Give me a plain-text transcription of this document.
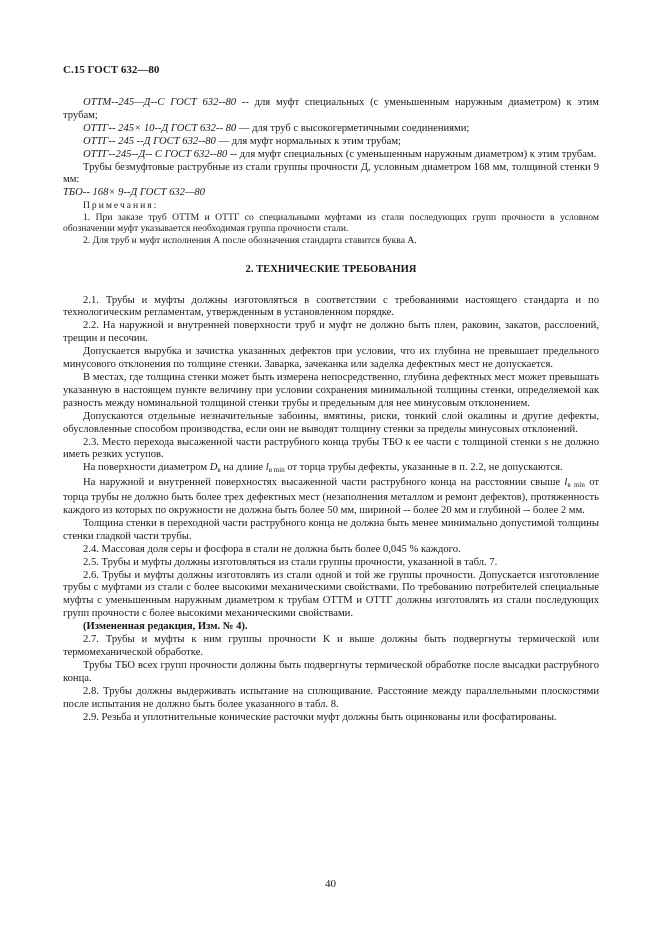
С.15 ГОСТ 632—80

ОТТМ--245—Д--С ГОСТ 632--80 -- для муфт специальных (с уменьшенным наружным диаметром) к этим трубам;

ОТТГ-- 245× 10--Д ГОСТ 632-- 80 — для труб с высокогерметичными соединениями;

ОТТГ-- 245 --Д ГОСТ 632--80 — для муфт нормальных к этим трубам;

ОТТГ--245--Д-- С ГОСТ 632--80 -- для муфт специальных (с уменьшенным наружным диаметром) к этим трубам.

Трубы безмуфтовые раструбные из стали группы прочности Д, условным диаметром 168 мм, толщиной стенки 9 мм:

ТБО-- 168× 9--Д ГОСТ 632—80

Примечания:

1. При заказе труб ОТТМ и ОТТГ со специальными муфтами из стали последующих групп прочности в условном обозначении муфт указывается необходимая группа прочности стали.

2. Для труб и муфт исполнения А после обозначения стандарта ставится буква А.

2. ТЕХНИЧЕСКИЕ ТРЕБОВАНИЯ

2.1. Трубы и муфты должны изготовляться в соответствии с требованиями настоящего стандарта и по технологическим регламентам, утвержденным в установленном порядке.

2.2. На наружной и внутренней поверхности труб и муфт не должно быть плен, раковин, закатов, расслоений, трещин и песочин.

Допускается вырубка и зачистка указанных дефектов при условии, что их глубина не превышает предельного минусового отклонения по толщине стенки. Заварка, зачеканка или заделка дефектных мест не допускается.

В местах, где толщина стенки может быть измерена непосредственно, глубина дефектных мест может превышать указанную в настоящем пункте величину при условии сохранения минимальной толщины стенки, определяемой как разность между номинальной толщиной стенки трубы и предельным для нее минусовым отклонением.

Допускаются отдельные незначительные забоины, вмятины, риски, тонкий слой окалины и другие дефекты, обусловленные способом производства, если они не выводят толщину стенки за пределы минусовых отклонений.

2.3. Место перехода высаженной части раструбного конца трубы ТБО к ее части с толщиной стенки s не должно иметь резких уступов.

На поверхности диаметром $D_в$ на длине $l_{в min}$ от торца трубы дефекты, указанные в п. 2.2, не допускаются.

На наружной и внутренней поверхностях высаженной части раструбного конца на расстоянии свыше $l_{в min}$ от торца трубы не должно быть более трех дефектных мест (незаполнения металлом и ремонт дефектов), протяженность каждого из которых по окружности не должна быть более 50 мм, шириной -- более 20 мм и глубиной -- более 2 мм.

Толщина стенки в переходной части раструбного конца не должна быть менее минимально допустимой толщины стенки гладкой части трубы.

2.4. Массовая доля серы и фосфора в стали не должна быть более 0,045 % каждого.

2.5. Трубы и муфты должны изготовляться из стали группы прочности, указанной в табл. 7.

2.6. Трубы и муфты должны изготовлять из стали одной и той же группы прочности. Допускается изготовление трубы с муфтами из стали с более высокими механическими свойствами. По требованию потребителей специальные муфты с уменьшенным наружным диаметром к трубам ОТТМ и ОТТГ должны изготовлять из стали последующих групп прочности с более высокими механическими свойствами.

(Измененная редакция, Изм. № 4).

2.7. Трубы и муфты к ним группы прочности К и выше должны быть подвергнуты термической или термомеханической обработке.

Трубы ТБО всех групп прочности должны быть подвергнуты термической обработке после высадки раструбного конца.

2.8. Трубы должны выдерживать испытание на сплющивание. Расстояние между параллельными плоскостями после испытания не должно быть более указанного в табл. 8.

2.9. Резьба и уплотнительные конические расточки муфт должны быть оцинкованы или фосфатированы.

40
